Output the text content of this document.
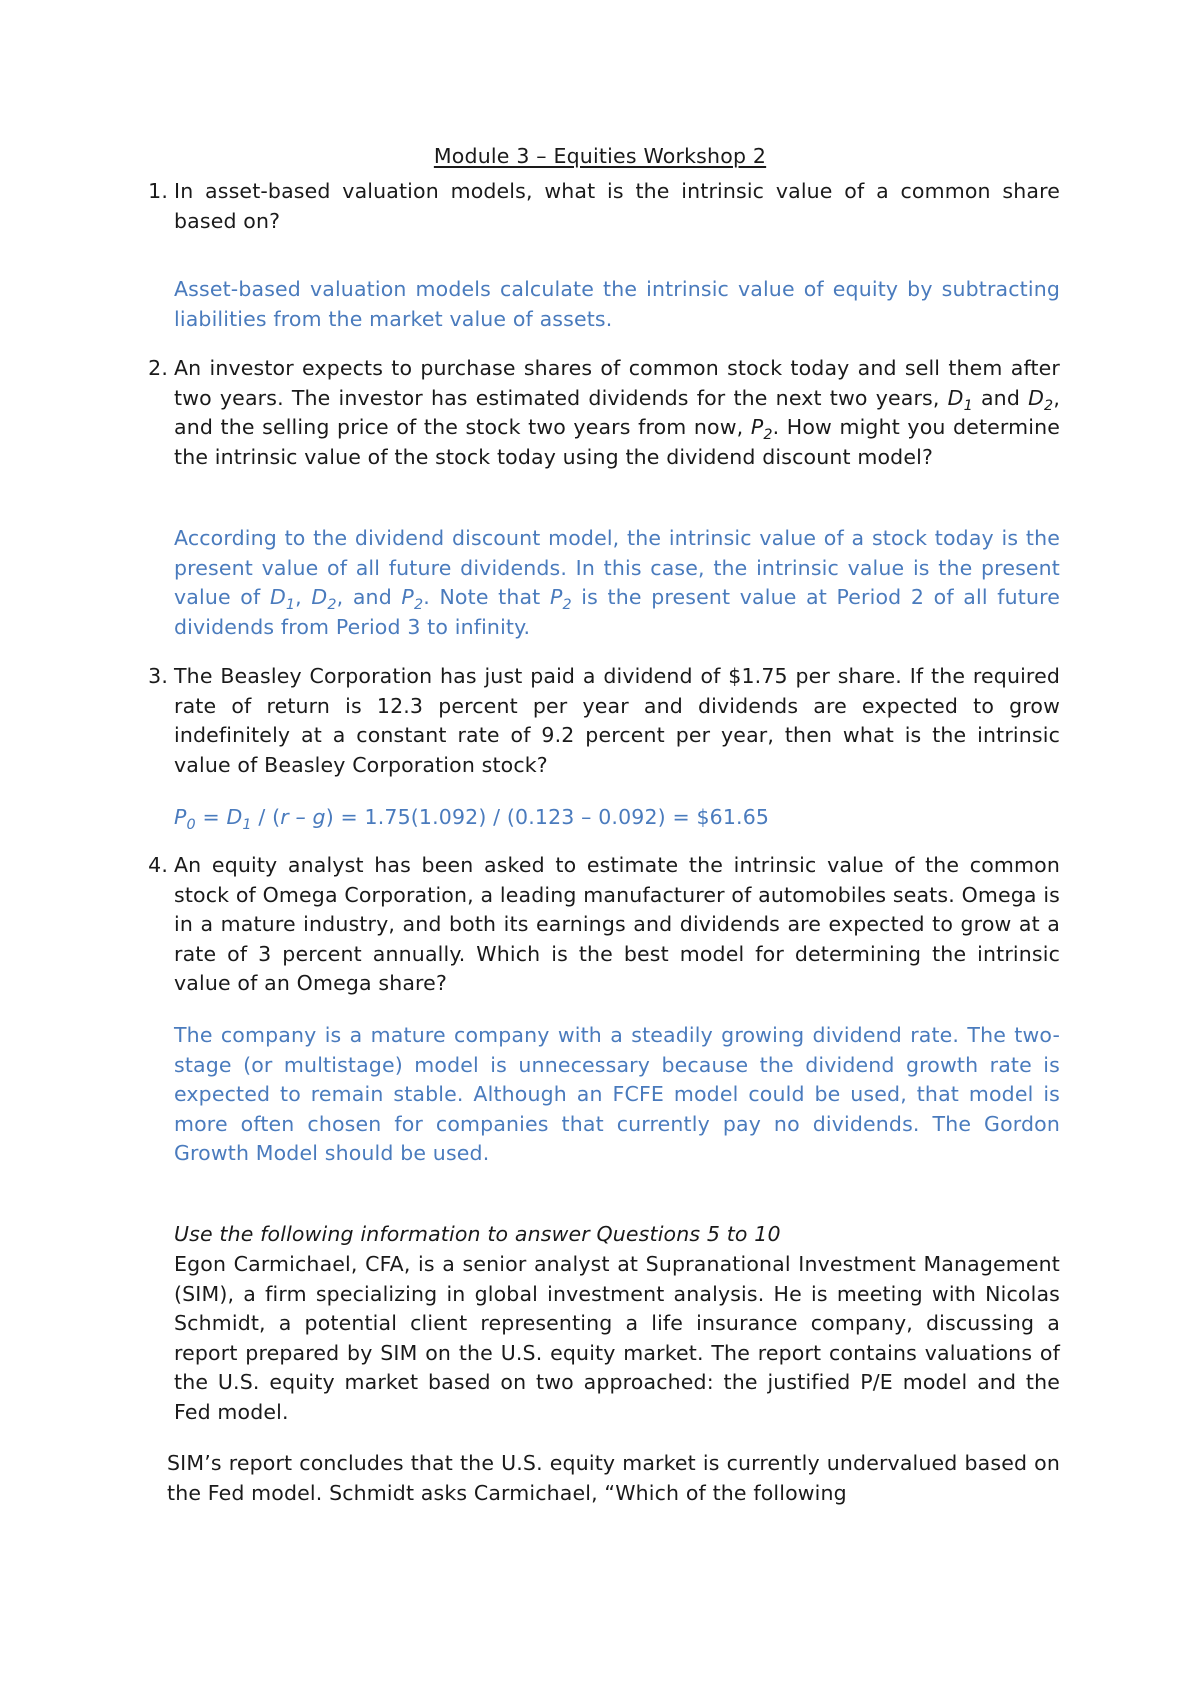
Module 3 – Equities Workshop 2
1. In asset-based valuation models, what is the intrinsic value of a common share based on?
Asset-based valuation models calculate the intrinsic value of equity by subtracting liabilities from the market value of assets.
2. An investor expects to purchase shares of common stock today and sell them after two years. The investor has estimated dividends for the next two years, $D_1$ and $D_2$, and the selling price of the stock two years from now, $P_2$. How might you determine the intrinsic value of the stock today using the dividend discount model?
According to the dividend discount model, the intrinsic value of a stock today is the present value of all future dividends. In this case, the intrinsic value is the present value of $D_1$, $D_2$, and $P_2$. Note that $P_2$ is the present value at Period 2 of all future dividends from Period 3 to infinity.
3. The Beasley Corporation has just paid a dividend of $1.75 per share. If the required rate of return is 12.3 percent per year and dividends are expected to grow indefinitely at a constant rate of 9.2 percent per year, then what is the intrinsic value of Beasley Corporation stock?
$P_0 = D_1 / (r - g) = 1.75(1.092) / (0.123 - 0.092)$ = $61.65
4. An equity analyst has been asked to estimate the intrinsic value of the common stock of Omega Corporation, a leading manufacturer of automobiles seats. Omega is in a mature industry, and both its earnings and dividends are expected to grow at a rate of 3 percent annually. Which is the best model for determining the intrinsic value of an Omega share?
The company is a mature company with a steadily growing dividend rate. The two-stage (or multistage) model is unnecessary because the dividend growth rate is expected to remain stable. Although an FCFE model could be used, that model is more often chosen for companies that currently pay no dividends. The Gordon Growth Model should be used.
Use the following information to answer Questions 5 to 10
Egon Carmichael, CFA, is a senior analyst at Supranational Investment Management (SIM), a firm specializing in global investment analysis. He is meeting with Nicolas Schmidt, a potential client representing a life insurance company, discussing a report prepared by SIM on the U.S. equity market. The report contains valuations of the U.S. equity market based on two approached: the justified P/E model and the Fed model.
SIM’s report concludes that the U.S. equity market is currently undervalued based on the Fed model. Schmidt asks Carmichael, “Which of the following
